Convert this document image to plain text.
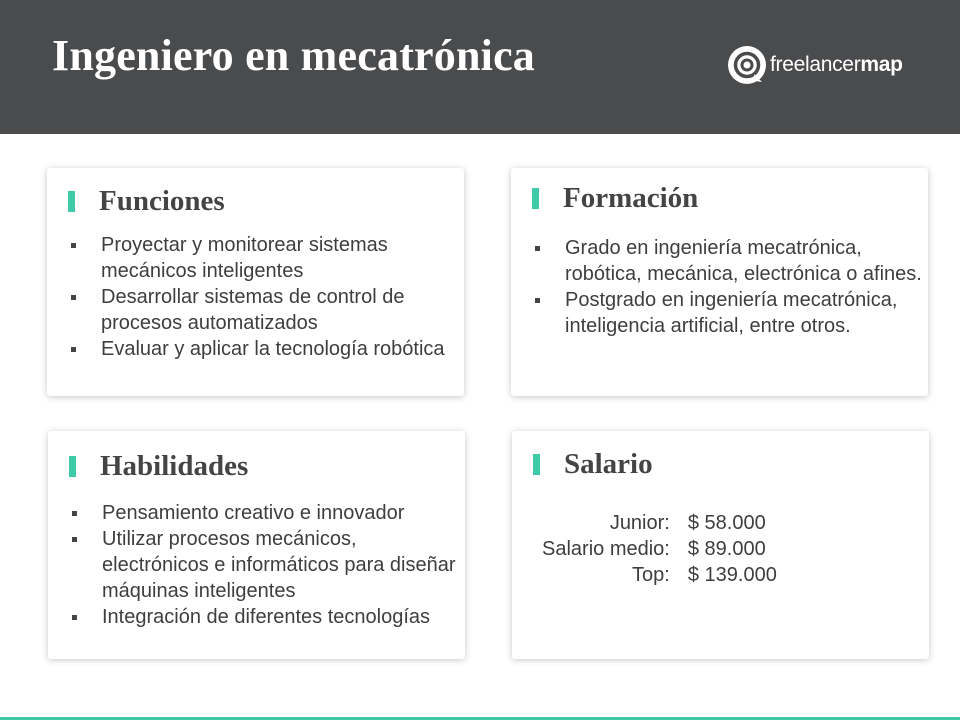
Ingeniero en mecatrónica	freelancermap
Funciones
Proyectar y monitorear sistemas mecánicos inteligentes
Desarrollar sistemas de control de procesos automatizados
Evaluar y aplicar la tecnología robótica
Formación
Grado en ingeniería mecatrónica, robótica, mecánica, electrónica o afines.
Postgrado en ingeniería mecatrónica, inteligencia artificial, entre otros.
Habilidades
Pensamiento creativo e innovador
Utilizar procesos mecánicos, electrónicos e informáticos para diseñar máquinas inteligentes
Integración de diferentes tecnologías
Salario
Junior:	$ 58.000
Salario medio:	$ 89.000
Top:	$ 139.000
